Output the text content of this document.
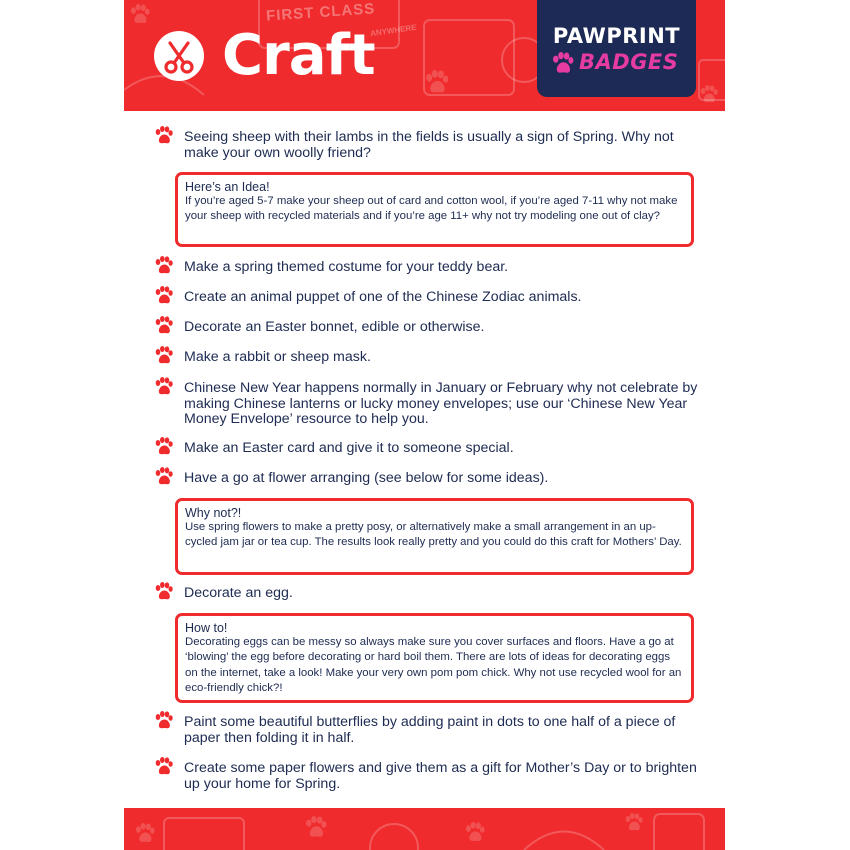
FIRST CLASS
ANYWHERE
Craft	PAWPRINT
BADGES
Seeing sheep with their lambs in the fields is usually a sign of Spring. Why not make your own woolly friend?
Here’s an Idea!
If you’re aged 5-7 make your sheep out of card and cotton wool, if you’re aged 7-11 why not make your sheep with recycled materials and if you’re age 11+ why not try modeling one out of clay?
Make a spring themed costume for your teddy bear.
Create an animal puppet of one of the Chinese Zodiac animals.
Decorate an Easter bonnet, edible or otherwise.
Make a rabbit or sheep mask.
Chinese New Year happens normally in January or February why not celebrate by making Chinese lanterns or lucky money envelopes; use our ‘Chinese New Year Money Envelope’ resource to help you.
Make an Easter card and give it to someone special.
Have a go at flower arranging (see below for some ideas).
Why not?!
Use spring flowers to make a pretty posy, or alternatively make a small arrangement in an up-cycled jam jar or tea cup. The results look really pretty and you could do this craft for Mothers’ Day.
Decorate an egg.
How to!
Decorating eggs can be messy so always make sure you cover surfaces and floors. Have a go at ‘blowing’ the egg before decorating or hard boil them. There are lots of ideas for decorating eggs on the internet, take a look! Make your very own pom pom chick. Why not use recycled wool for an eco-friendly chick?!
Paint some beautiful butterflies by adding paint in dots to one half of a piece of paper then folding it in half.
Create some paper flowers and give them as a gift for Mother’s Day or to brighten up your home for Spring.
